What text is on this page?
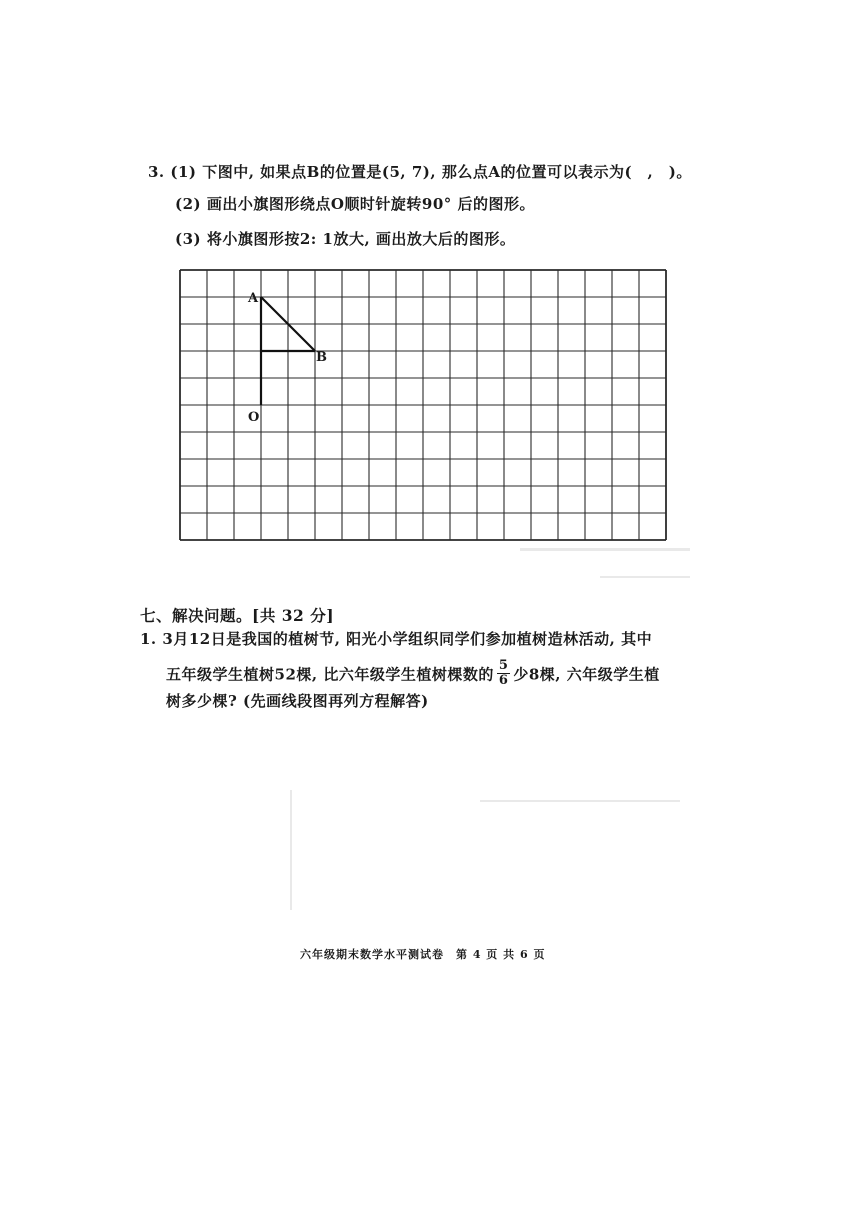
3. (1) 下图中, 如果点B的位置是(5, 7), 那么点A的位置可以表示为(　,　)。
(2) 画出小旗图形绕点O顺时针旋转90° 后的图形。
(3) 将小旗图形按2: 1放大, 画出放大后的图形。
A
B
O
七、解决问题。[共 32 分]
1. 3月12日是我国的植树节, 阳光小学组织同学们参加植树造林活动, 其中
五年级学生植树52棵, 比六年级学生植树棵数的 $\frac{5}{6}$ 少8棵, 六年级学生植
树多少棵? (先画线段图再列方程解答)
六年级期末数学水平测试卷　第 4 页 共 6 页
